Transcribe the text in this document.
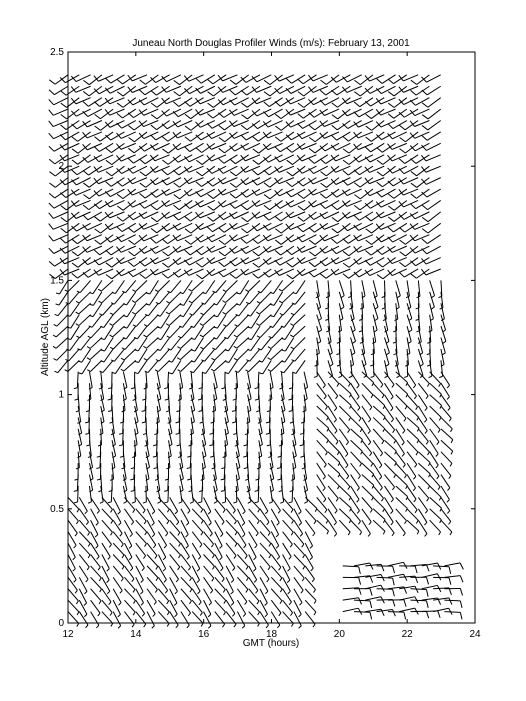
12	14	16	18	20	22	24
0
0.5
1
1.5
2
2.5
Juneau North Douglas Profiler Winds (m/s): February 13, 2001
GMT (hours)
Altitude AGL (km)
